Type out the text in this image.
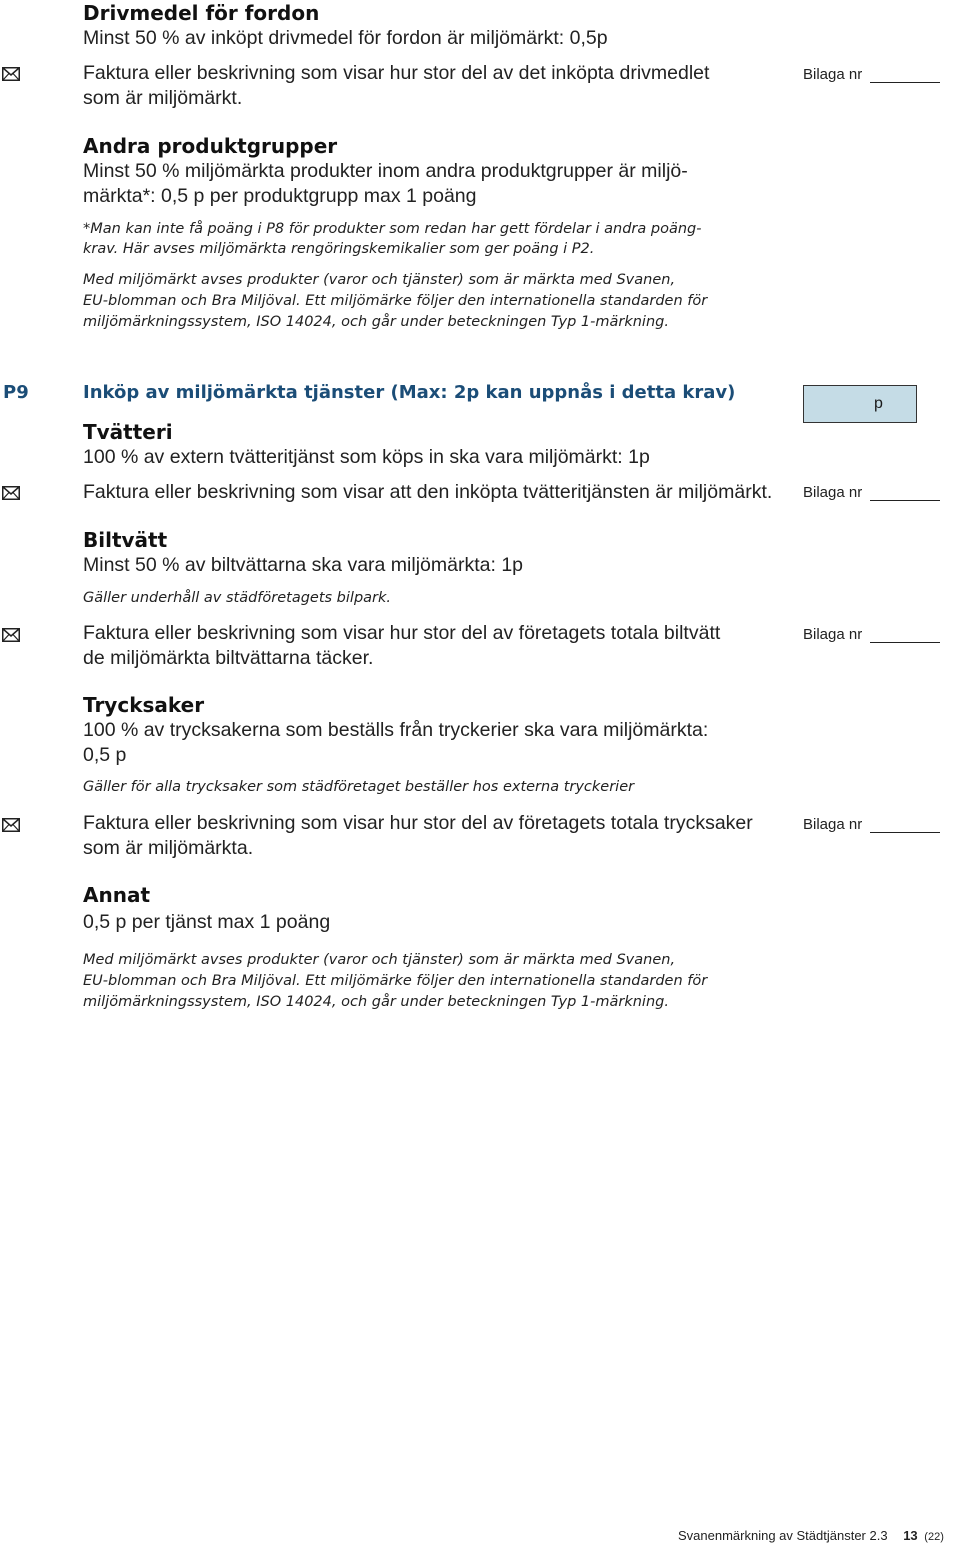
Drivmedel för fordon
Minst 50 % av inköpt drivmedel för fordon är miljömärkt: 0,5p
Faktura eller beskrivning som visar hur stor del av det inköpta drivmedlet
som är miljömärkt.
Bilaga nr
Andra produktgrupper
Minst 50 % miljömärkta produkter inom andra produktgrupper är miljö-
märkta*: 0,5 p per produktgrupp max 1 poäng
*Man kan inte få poäng i P8 för produkter som redan har gett fördelar i andra poäng-
krav. Här avses miljömärkta rengöringskemikalier som ger poäng i P2.
Med miljömärkt avses produkter (varor och tjänster) som är märkta med Svanen,
EU-blomman och Bra Miljöval. Ett miljömärke följer den internationella standarden för
miljömärkningssystem, ISO 14024, och går under beteckningen Typ 1-märkning.
P9	Inköp av miljömärkta tjänster (Max: 2p kan uppnås i detta krav)
p
Tvätteri
100 % av extern tvätteritjänst som köps in ska vara miljömärkt: 1p
Faktura eller beskrivning som visar att den inköpta tvätteritjänsten är miljömärkt. Bilaga nr
Biltvätt
Minst 50 % av biltvättarna ska vara miljömärkta: 1p
Gäller underhåll av städföretagets bilpark.
Faktura eller beskrivning som visar hur stor del av företagets totala biltvätt
de miljömärkta biltvättarna täcker.
Bilaga nr
Trycksaker
100 % av trycksakerna som beställs från tryckerier ska vara miljömärkta:
0,5 p
Gäller för alla trycksaker som städföretaget beställer hos externa tryckerier
Faktura eller beskrivning som visar hur stor del av företagets totala trycksaker
som är miljömärkta.
Bilaga nr
Annat
0,5 p per tjänst max 1 poäng
Med miljömärkt avses produkter (varor och tjänster) som är märkta med Svanen,
EU-blomman och Bra Miljöval. Ett miljömärke följer den internationella standarden för
miljömärkningssystem, ISO 14024, och går under beteckningen Typ 1-märkning.
Svanenmärkning av Städtjänster 2.3 13 (22)
